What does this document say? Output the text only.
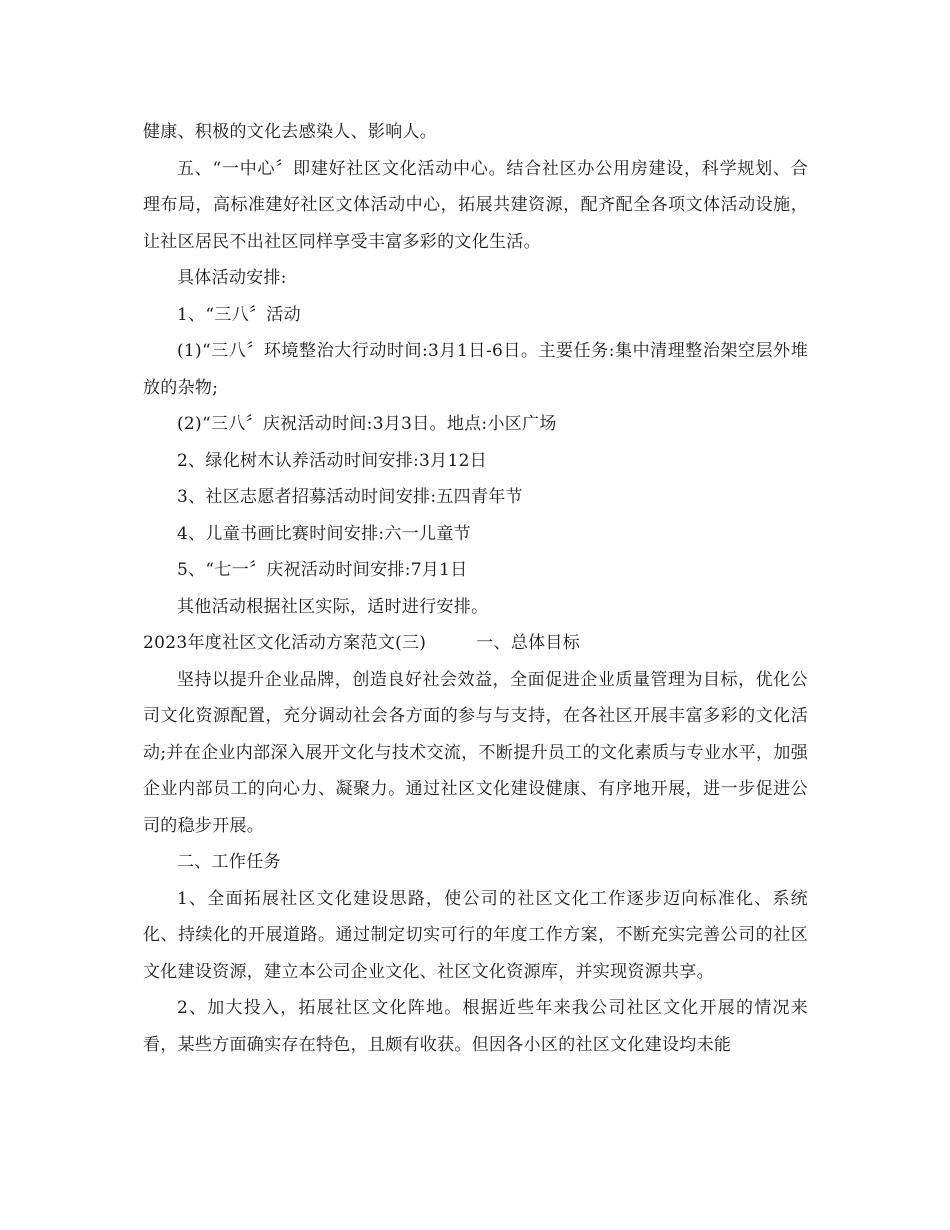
健康、积极的文化去感染人、影响人。

五、“一中心〞即建好社区文化活动中心。结合社区办公用房建设，科学规划、合理布局，高标准建好社区文体活动中心，拓展共建资源，配齐配全各项文体活动设施，让社区居民不出社区同样享受丰富多彩的文化生活。

具体活动安排:

1、“三八〞活动

(1)“三八〞环境整治大行动时间:3月1日-6日。主要任务:集中清理整治架空层外堆放的杂物;

(2)“三八〞庆祝活动时间:3月3日。地点:小区广场

2、绿化树木认养活动时间安排:3月12日

3、社区志愿者招募活动时间安排:五四青年节

4、儿童书画比赛时间安排:六一儿童节

5、“七一〞庆祝活动时间安排:7月1日

其他活动根据社区实际，适时进行安排。

2023年度社区文化活动方案范文(三)	一、总体目标

坚持以提升企业品牌，创造良好社会效益，全面促进企业质量管理为目标，优化公司文化资源配置，充分调动社会各方面的参与与支持，在各社区开展丰富多彩的文化活动;并在企业内部深入展开文化与技术交流，不断提升员工的文化素质与专业水平，加强企业内部员工的向心力、凝聚力。通过社区文化建设健康、有序地开展，进一步促进公司的稳步开展。

二、工作任务

1、全面拓展社区文化建设思路，使公司的社区文化工作逐步迈向标准化、系统化、持续化的开展道路。通过制定切实可行的年度工作方案，不断充实完善公司的社区文化建设资源，建立本公司企业文化、社区文化资源库，并实现资源共享。

2、加大投入，拓展社区文化阵地。根据近些年来我公司社区文化开展的情况来看，某些方面确实存在特色，且颇有收获。但因各小区的社区文化建设均未能
